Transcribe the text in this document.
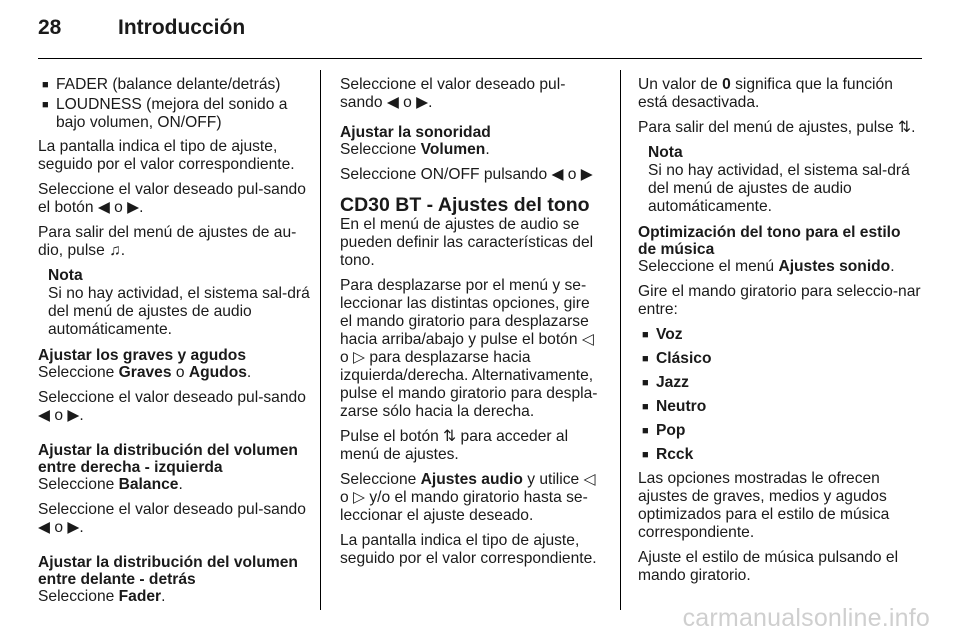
28	Introducción
■ FADER (balance delante/detrás)
■ LOUDNESS (mejora del sonido a bajo volumen, ON/OFF)

La pantalla indica el tipo de ajuste, seguido por el valor correspondiente.

Seleccione el valor deseado pul-sando el botón ◀ o ▶.

Para salir del menú de ajustes de au-dio, pulse ♫.

Nota
Si no hay actividad, el sistema sal-drá del menú de ajustes de audio automáticamente.

Ajustar los graves y agudos

Seleccione Graves o Agudos.

Seleccione el valor deseado pul-sando ◀ o ▶.

Ajustar la distribución del volumen entre derecha - izquierda

Seleccione Balance.

Seleccione el valor deseado pul-sando ◀ o ▶.

Ajustar la distribución del volumen entre delante - detrás

Seleccione Fader.

Seleccione el valor deseado pul-sando ◀ o ▶.

Ajustar la sonoridad

Seleccione Volumen.

Seleccione ON/OFF pulsando ◀ o ▶

CD30 BT - Ajustes del tono

En el menú de ajustes de audio se pueden definir las características del tono.

Para desplazarse por el menú y se-leccionar las distintas opciones, gire el mando giratorio para desplazarse hacia arriba/abajo y pulse el botón ◁ o ▷ para desplazarse hacia izquierda/derecha. Alternativamente, pulse el mando giratorio para despla-zarse sólo hacia la derecha.

Pulse el botón ⇅ para acceder al menú de ajustes.

Seleccione Ajustes audio y utilice ◁ o ▷ y/o el mando giratorio hasta se-leccionar el ajuste deseado.

La pantalla indica el tipo de ajuste, seguido por el valor correspondiente.

Un valor de 0 significa que la función está desactivada.

Para salir del menú de ajustes, pulse ⇅.

Nota
Si no hay actividad, el sistema sal-drá del menú de ajustes de audio automáticamente.

Optimización del tono para el estilo de música

Seleccione el menú Ajustes sonido.

Gire el mando giratorio para seleccio-nar entre:

■ Voz
■ Clásico
■ Jazz
■ Neutro
■ Pop
■ Rcck

Las opciones mostradas le ofrecen ajustes de graves, medios y agudos optimizados para el estilo de música correspondiente.

Ajuste el estilo de música pulsando el mando giratorio.

carmanualsonline.info
